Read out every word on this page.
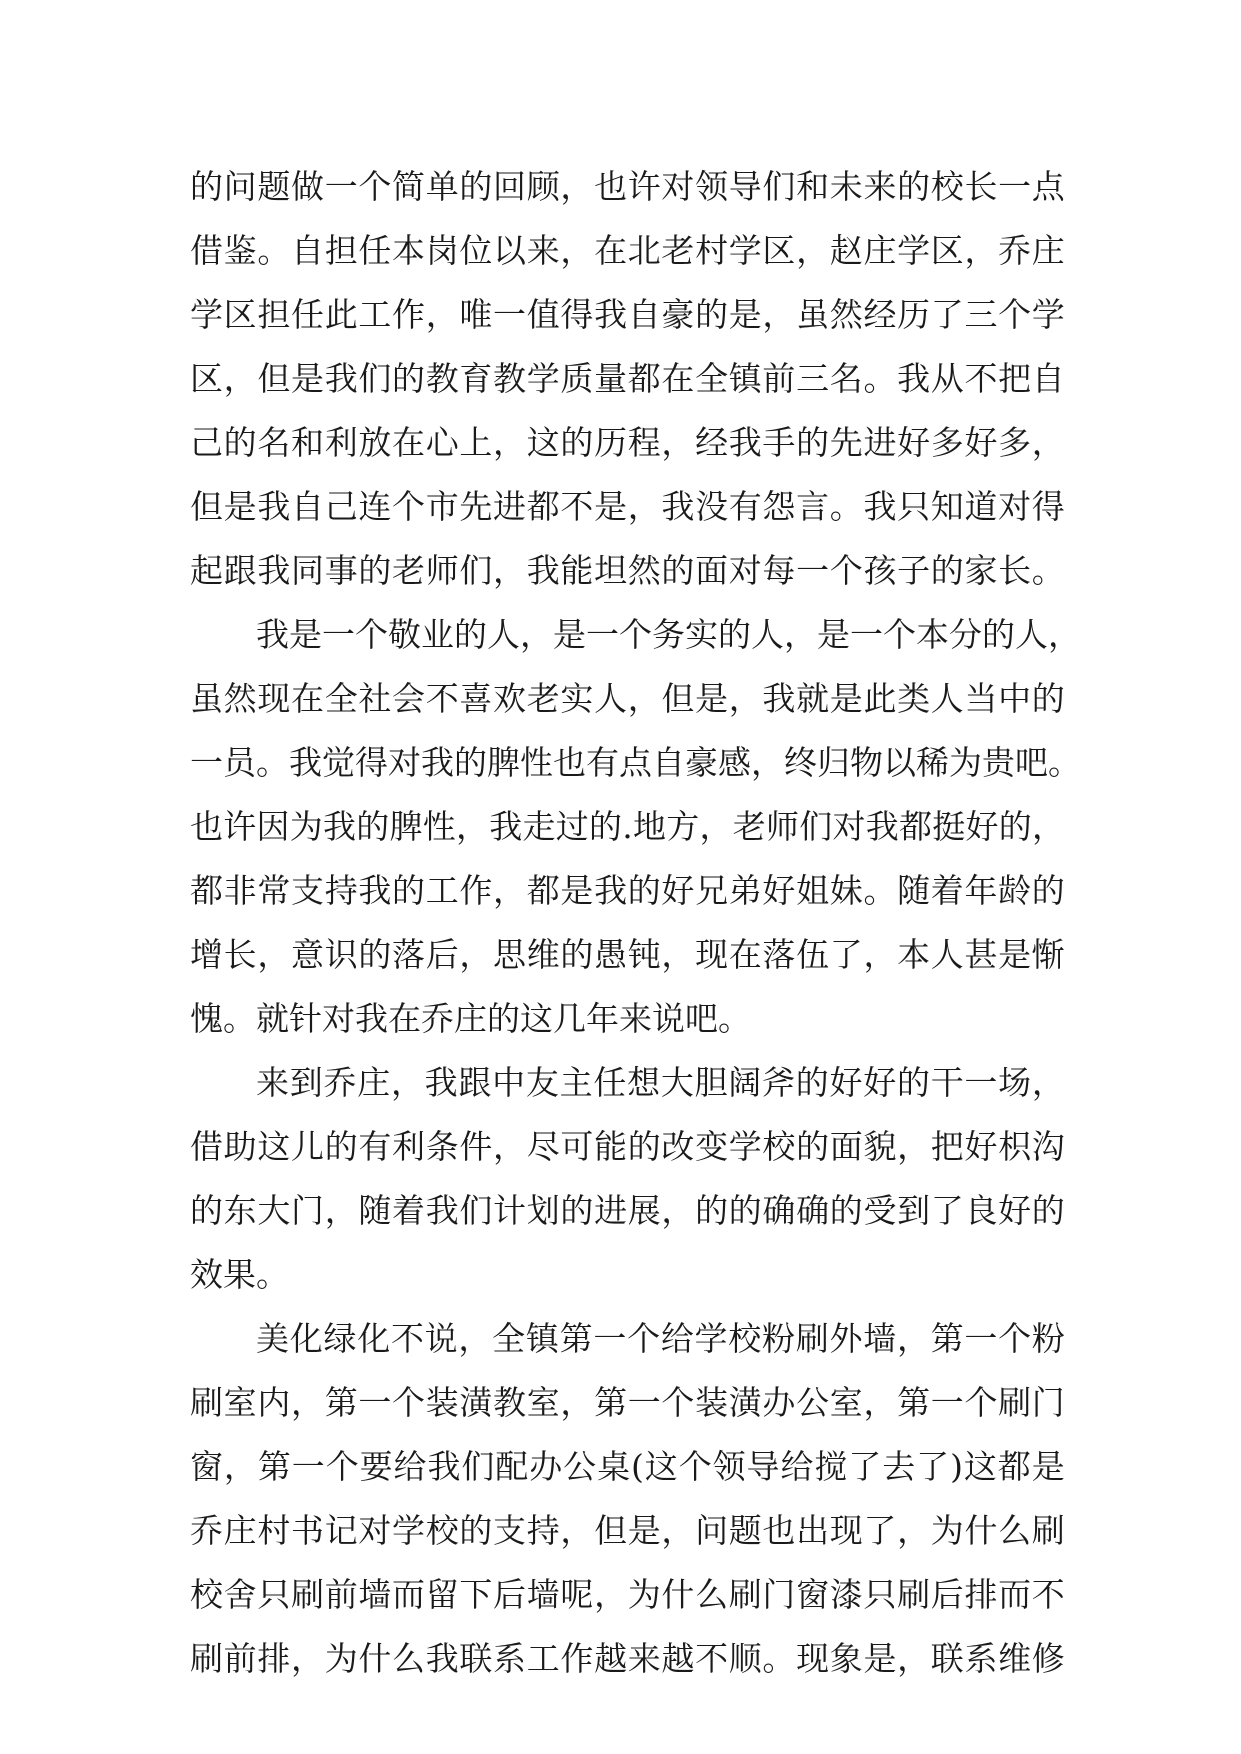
的 问 题 做 一 个 简 单 的 回 顾 ， 也 许 对 领 导 们 和 未 来 的 校 长 一 点
借 鉴 。 自 担 任 本 岗 位 以 来 ， 在 北 老 村 学 区 ， 赵 庄 学 区 ， 乔 庄
学 区 担 任 此 工 作 ， 唯 一 值 得 我 自 豪 的 是 ， 虽 然 经 历 了 三 个 学
区 ， 但 是 我 们 的 教 育 教 学 质 量 都 在 全 镇 前 三 名 。 我 从 不 把 自
己 的 名 和 利 放 在 心 上 ， 这 的 历 程 ， 经 我 手 的 先 进 好 多 好 多 ，
但 是 我 自 己 连 个 市 先 进 都 不 是 ， 我 没 有 怨 言 。 我 只 知 道 对 得
起 跟 我 同 事 的 老 师 们 ， 我 能 坦 然 的 面 对 每 一 个 孩 子 的 家 长 。
我 是 一 个 敬 业 的 人 ， 是 一 个 务 实 的 人 ， 是 一 个 本 分 的 人 ，
虽 然 现 在 全 社 会 不 喜 欢 老 实 人 ， 但 是 ， 我 就 是 此 类 人 当 中 的
一 员 。 我 觉 得 对 我 的 脾 性 也 有 点 自 豪 感 ， 终 归 物 以 稀 为 贵 吧 。
也 许 因 为 我 的 脾 性 ， 我 走 过 的 . 地 方 ， 老 师 们 对 我 都 挺 好 的 ，
都 非 常 支 持 我 的 工 作 ， 都 是 我 的 好 兄 弟 好 姐 妹 。 随 着 年 龄 的
增 长 ， 意 识 的 落 后 ， 思 维 的 愚 钝 ， 现 在 落 伍 了 ， 本 人 甚 是 惭
愧。就针对我在乔庄的这几年来说吧。
来 到 乔 庄 ， 我 跟 中 友 主 任 想 大 胆 阔 斧 的 好 好 的 干 一 场 ，
借 助 这 儿 的 有 利 条 件 ， 尽 可 能 的 改 变 学 校 的 面 貌 ， 把 好 枳 沟
的 东 大 门 ， 随 着 我 们 计 划 的 进 展 ， 的 的 确 确 的 受 到 了 良 好 的
效果。
美 化 绿 化 不 说 ， 全 镇 第 一 个 给 学 校 粉 刷 外 墙 ， 第 一 个 粉
刷 室 内 ， 第 一 个 装 潢 教 室 ， 第 一 个 装 潢 办 公 室 ， 第 一 个 刷 门
窗 ， 第 一 个 要 给 我 们 配 办 公 桌 ( 这 个 领 导 给 搅 了 去 了 ) 这 都 是
乔 庄 村 书 记 对 学 校 的 支 持 ， 但 是 ， 问 题 也 出 现 了 ， 为 什 么 刷
校 舍 只 刷 前 墙 而 留 下 后 墙 呢 ， 为 什 么 刷 门 窗 漆 只 刷 后 排 而 不
刷 前 排 ， 为 什 么 我 联 系 工 作 越 来 越 不 顺 。 现 象 是 ， 联 系 维 修
